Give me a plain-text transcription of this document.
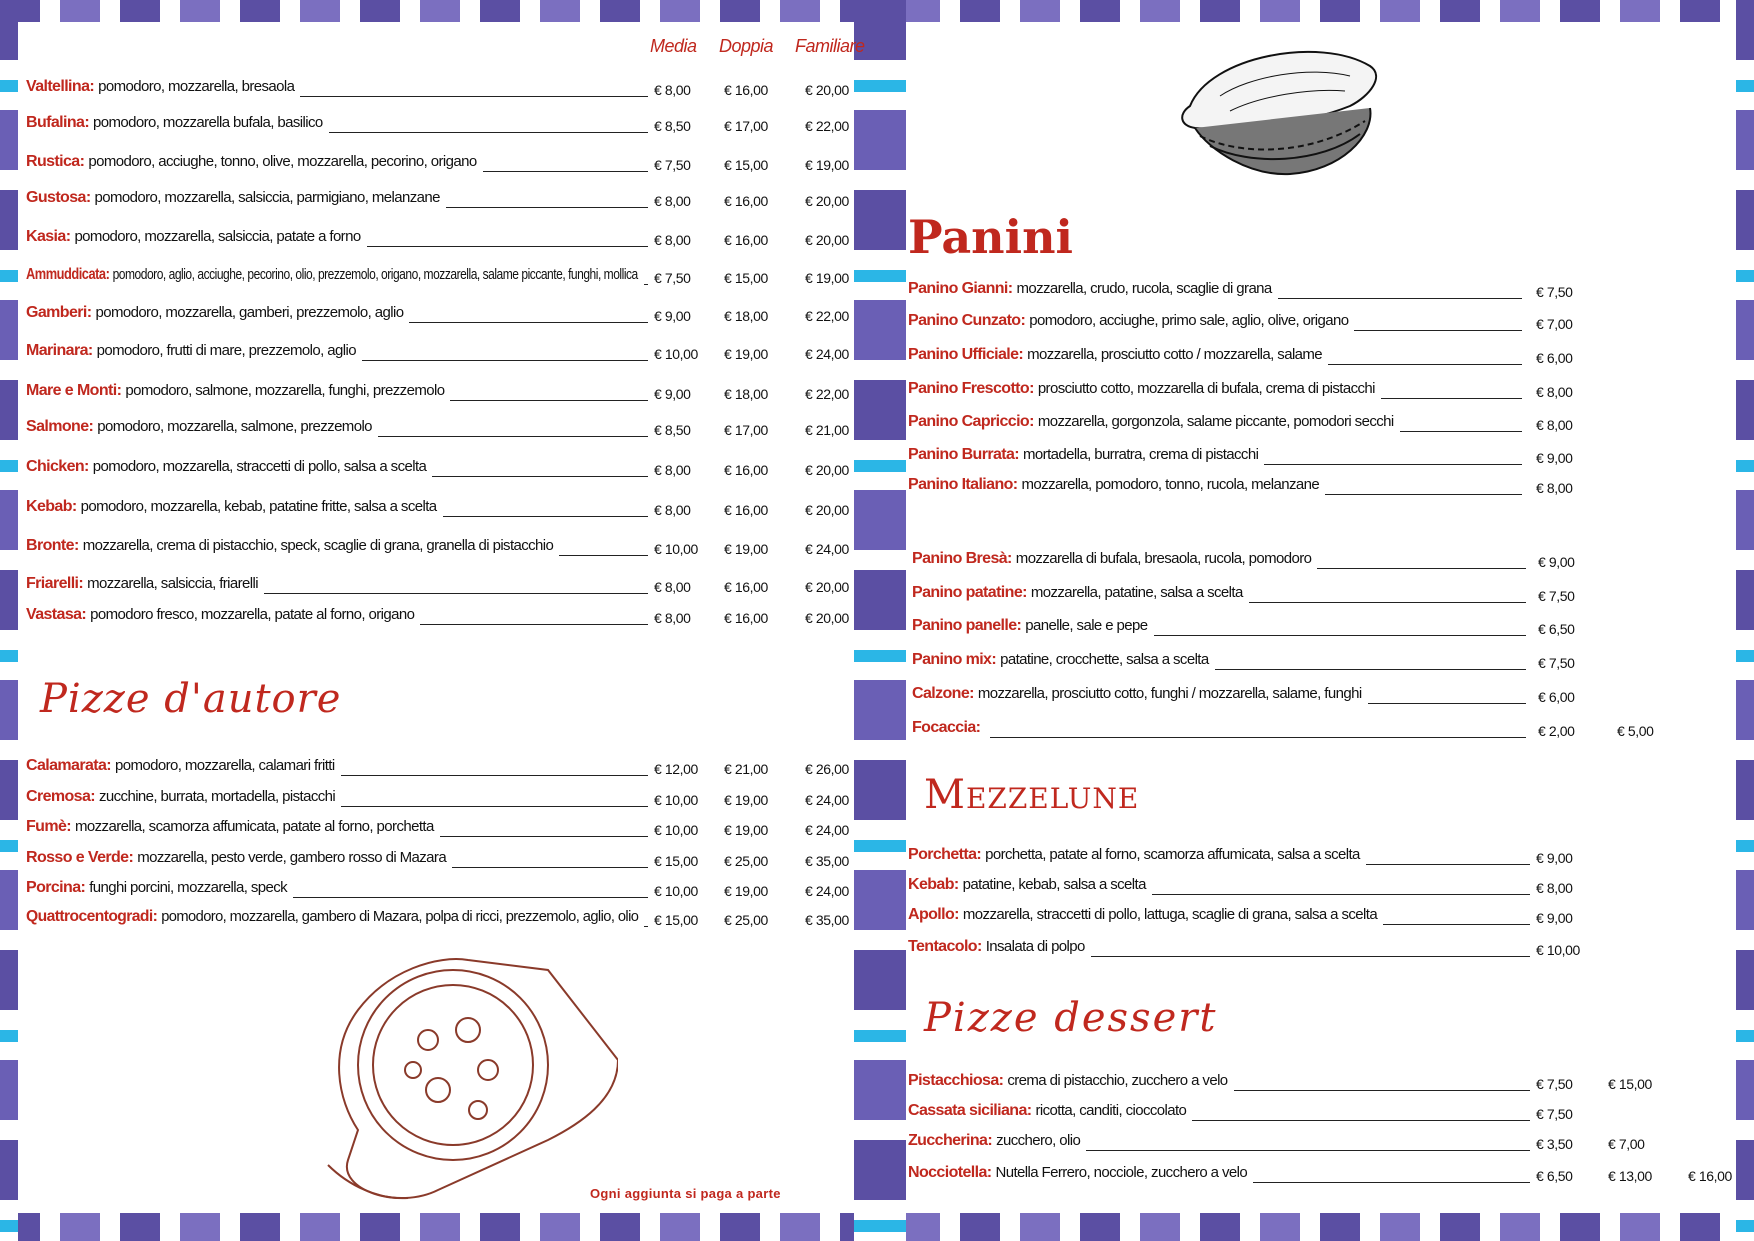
Media Doppia Familiare
Pizze d'autore
Panini
Mezzelune
Pizze dessert
Ogni aggiunta si paga a parte
Valtellina: pomodoro, mozzarella, bresaola	€ 8,00 € 16,00	€ 20,00
Bufalina: pomodoro, mozzarella bufala, basilico	€ 8,50 € 17,00	€ 22,00
Rustica: pomodoro, acciughe, tonno, olive, mozzarella, pecorino, origano	€ 7,50 € 15,00	€ 19,00
Gustosa: pomodoro, mozzarella, salsiccia, parmigiano, melanzane	€ 8,00 € 16,00	€ 20,00
Kasia: pomodoro, mozzarella, salsiccia, patate a forno	€ 8,00 € 16,00	€ 20,00
Ammuddicata: pomodoro, aglio, acciughe, pecorino, olio, prezzemolo, origano, mozzarella, salame piccante, funghi, mollica € 7,50 € 15,00	€ 19,00
Gamberi: pomodoro, mozzarella, gamberi, prezzemolo, aglio	€ 9,00 € 18,00	€ 22,00
Marinara: pomodoro, frutti di mare, prezzemolo, aglio	€ 10,00 € 19,00	€ 24,00
Mare e Monti: pomodoro, salmone, mozzarella, funghi, prezzemolo	€ 9,00 € 18,00	€ 22,00
Salmone: pomodoro, mozzarella, salmone, prezzemolo	€ 8,50 € 17,00	€ 21,00
Chicken: pomodoro, mozzarella, straccetti di pollo, salsa a scelta	€ 8,00 € 16,00	€ 20,00
Kebab: pomodoro, mozzarella, kebab, patatine fritte, salsa a scelta	€ 8,00 € 16,00	€ 20,00
Bronte: mozzarella, crema di pistacchio, speck, scaglie di grana, granella di pistacchio	€ 10,00 € 19,00	€ 24,00
Friarelli: mozzarella, salsiccia, friarelli	€ 8,00 € 16,00	€ 20,00
Vastasa: pomodoro fresco, mozzarella, patate al forno, origano	€ 8,00 € 16,00	€ 20,00
Calamarata: pomodoro, mozzarella, calamari fritti	€ 12,00 € 21,00	€ 26,00
Cremosa: zucchine, burrata, mortadella, pistacchi	€ 10,00 € 19,00	€ 24,00
Fumè: mozzarella, scamorza affumicata, patate al forno, porchetta	€ 10,00 € 19,00	€ 24,00
Rosso e Verde: mozzarella, pesto verde, gambero rosso di Mazara	€ 15,00 € 25,00	€ 35,00
Porcina: funghi porcini, mozzarella, speck	€ 10,00 € 19,00	€ 24,00
Quattrocentogradi: pomodoro, mozzarella, gambero di Mazara, polpa di ricci, prezzemolo, aglio, olio € 15,00 € 25,00	€ 35,00
Panino Gianni: mozzarella, crudo, rucola, scaglie di grana	€ 7,50
Panino Cunzato: pomodoro, acciughe, primo sale, aglio, olive, origano	€ 7,00
Panino Ufficiale: mozzarella, prosciutto cotto / mozzarella, salame	€ 6,00
Panino Frescotto: prosciutto cotto, mozzarella di bufala, crema di pistacchi	€ 8,00
Panino Capriccio: mozzarella, gorgonzola, salame piccante, pomodori secchi	€ 8,00
Panino Burrata: mortadella, burratra, crema di pistacchi	€ 9,00
Panino Italiano: mozzarella, pomodoro, tonno, rucola, melanzane	€ 8,00
Panino Bresà: mozzarella di bufala, bresaola, rucola, pomodoro	€ 9,00
Panino patatine: mozzarella, patatine, salsa a scelta	€ 7,50
Panino panelle: panelle, sale e pepe	€ 6,50
Panino mix: patatine, crocchette, salsa a scelta	€ 7,50
Calzone: mozzarella, prosciutto cotto, funghi / mozzarella, salame, funghi	€ 6,00
Focaccia:	€ 2,00	€ 5,00
Porchetta: porchetta, patate al forno, scamorza affumicata, salsa a scelta	€ 9,00
Kebab: patatine, kebab, salsa a scelta	€ 8,00
Apollo: mozzarella, straccetti di pollo, lattuga, scaglie di grana, salsa a scelta	€ 9,00
Tentacolo: Insalata di polpo	€ 10,00
Pistacchiosa: crema di pistacchio, zucchero a velo	€ 7,50	€ 15,00
Cassata siciliana: ricotta, canditi, cioccolato	€ 7,50
Zuccherina: zucchero, olio	€ 3,50	€ 7,00
Nocciotella: Nutella Ferrero, nocciole, zucchero a velo	€ 6,50	€ 13,00	€ 16,00
